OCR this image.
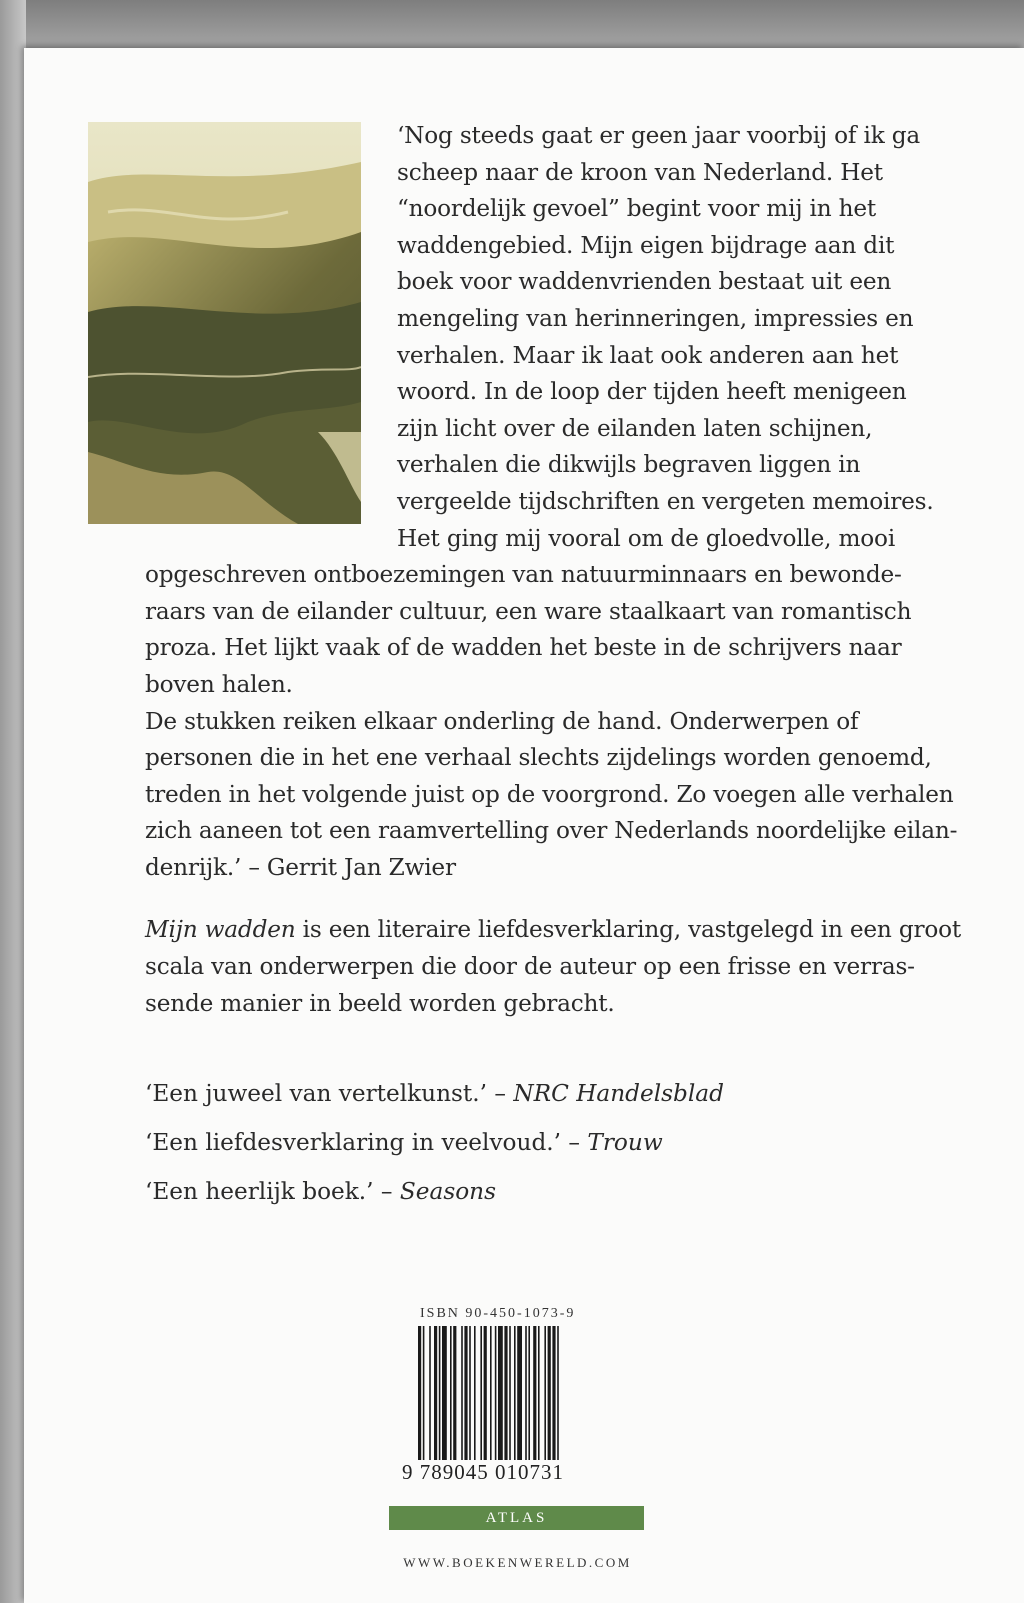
‘Nog steeds gaat er geen jaar voorbij of ik ga
scheep naar de kroon van Nederland. Het
“noordelijk gevoel” begint voor mij in het
waddengebied. Mijn eigen bijdrage aan dit
boek voor waddenvrienden bestaat uit een
mengeling van herinneringen, impressies en
verhalen. Maar ik laat ook anderen aan het
woord. In de loop der tijden heeft menigeen
zijn licht over de eilanden laten schijnen,
verhalen die dikwijls begraven liggen in
vergeelde tijdschriften en vergeten memoires.
Het ging mij vooral om de gloedvolle, mooi
opgeschreven ontboezemingen van natuurminnaars en bewonde-
raars van de eilander cultuur, een ware staalkaart van romantisch
proza. Het lijkt vaak of de wadden het beste in de schrijvers naar
boven halen.
De stukken reiken elkaar onderling de hand. Onderwerpen of
personen die in het ene verhaal slechts zijdelings worden genoemd,
treden in het volgende juist op de voorgrond. Zo voegen alle verhalen
zich aaneen tot een raamvertelling over Nederlands noordelijke eilan-
denrijk.’ – Gerrit Jan Zwier
Mijn wadden is een literaire liefdesverklaring, vastgelegd in een groot
scala van onderwerpen die door de auteur op een frisse en verras-
sende manier in beeld worden gebracht.
‘Een juweel van vertelkunst.’ – NRC Handelsblad
‘Een liefdesverklaring in veelvoud.’ – Trouw
‘Een heerlijk boek.’ – Seasons
ISBN 90-450-1073-9
9 789045 010731
ATLAS
WWW.BOEKENWERELD.COM
